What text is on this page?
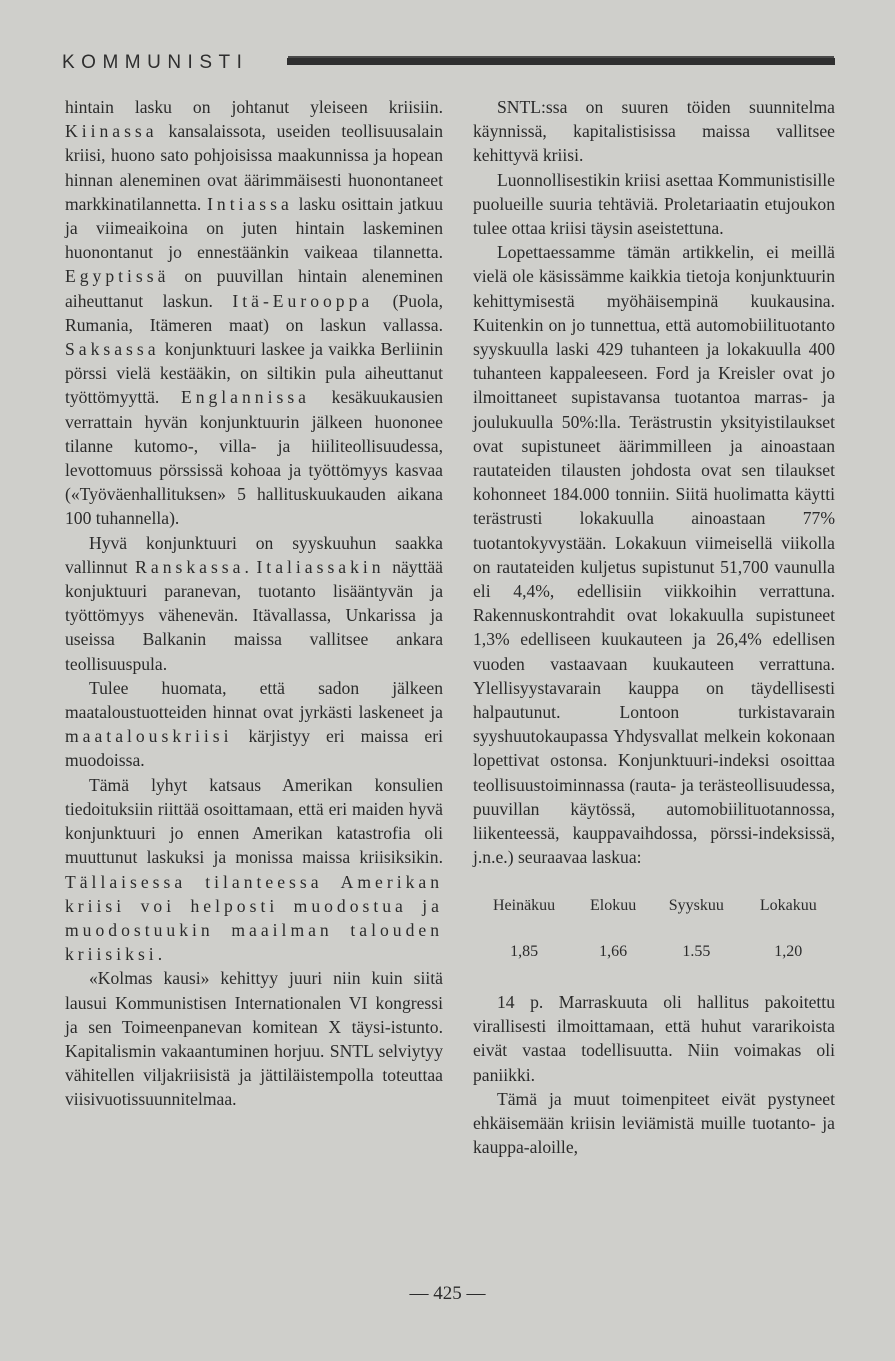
KOMMUNISTI

hintain lasku on johtanut yleiseen kriisiin. Kiinassa kansalaissota, useiden teollisuusalain kriisi, huono sato pohjoisissa maakunnissa ja hopean hinnan aleneminen ovat äärimmäisesti huonontaneet markkinatilannetta. Intiassa lasku osittain jatkuu ja viimeaikoina on juten hintain laskeminen huonontanut jo ennestäänkin vaikeaa tilannetta. Egyptissä on puuvillan hintain aleneminen aiheuttanut laskun. Itä-Eurooppa (Puola, Rumania, Itämeren maat) on laskun vallassa. Saksassa konjunktuuri laskee ja vaikka Berliinin pörssi vielä kestääkin, on siltikin pula aiheuttanut työttömyyttä. Englannissa kesäkuukausien verrattain hyvän konjunktuurin jälkeen huononee tilanne kutomo-, villa- ja hiiliteollisuudessa, levottomuus pörssissä kohoaa ja työttömyys kasvaa («Työväenhallituksen» 5 hallituskuukauden aikana 100 tuhannella).

Hyvä konjunktuuri on syyskuuhun saakka vallinnut Ranskassa. Italiassakin näyttää konjuktuuri paranevan, tuotanto lisääntyvän ja työttömyys vähenevän. Itävallassa, Unkarissa ja useissa Balkanin maissa vallitsee ankara teollisuuspula.

Tulee huomata, että sadon jälkeen maataloustuotteiden hinnat ovat jyrkästi laskeneet ja maatalouskriisi kärjistyy eri maissa eri muodoissa.

Tämä lyhyt katsaus Amerikan konsulien tiedoituksiin riittää osoittamaan, että eri maiden hyvä konjunktuuri jo ennen Amerikan katastrofia oli muuttunut laskuksi ja monissa maissa kriisiksikin. Tällaisessa tilanteessa Amerikan kriisi voi helposti muodostua ja muodostuukin maailman talouden kriisiksi.

«Kolmas kausi» kehittyy juuri niin kuin siitä lausui Kommunistisen Internationalen VI kongressi ja sen Toimeenpanevan komitean X täysi-istunto. Kapitalismin vakaantuminen horjuu. SNTL selviytyy vähitellen viljakriisistä ja jättiläistempolla toteuttaa viisivuotissuunnitelmaa.

SNTL:ssa on suuren töiden suunnitelma käynnissä, kapitalistisissa maissa vallitsee kehittyvä kriisi.

Luonnollisestikin kriisi asettaa Kommunistisille puolueille suuria tehtäviä. Proletariaatin etujoukon tulee ottaa kriisi täysin aseistettuna.

Lopettaessamme tämän artikkelin, ei meillä vielä ole käsissämme kaikkia tietoja konjunktuurin kehittymisestä myöhäisempinä kuukausina. Kuitenkin on jo tunnettua, että automobiilituotanto syyskuulla laski 429 tuhanteen ja lokakuulla 400 tuhanteen kappaleeseen. Ford ja Kreisler ovat jo ilmoittaneet supistavansa tuotantoa marras- ja joulukuulla 50%:lla. Terästrustin yksityistilaukset ovat supistuneet äärimmilleen ja ainoastaan rautateiden tilausten johdosta ovat sen tilaukset kohonneet 184.000 tonniin. Siitä huolimatta käytti terästrusti lokakuulla ainoastaan 77% tuotantokyvystään. Lokakuun viimeisellä viikolla on rautateiden kuljetus supistunut 51,700 vaunulla eli 4,4%, edellisiin viikkoihin verrattuna. Rakennuskontrahdit ovat lokakuulla supistuneet 1,3% edelliseen kuukauteen ja 26,4% edellisen vuoden vastaavaan kuukauteen verrattuna. Ylellisyystavarain kauppa on täydellisesti halpautunut. Lontoon turkistavarain syyshuutokaupassa Yhdysvallat melkein kokonaan lopettivat ostonsa. Konjunktuuri-indeksi osoittaa teollisuustoiminnassa (rauta- ja terästeollisuudessa, puuvillan käytössä, automobiilituotannossa, liikenteessä, kauppavaihdossa, pörssi-indeksissä, j.n.e.) seuraavaa laskua:

Heinäkuu	Elokuu	Syyskuu	Lokakuu
1,85	1,66	1.55	1,20

14 p. Marraskuuta oli hallitus pakoitettu virallisesti ilmoittamaan, että huhut vararikoista eivät vastaa todellisuutta. Niin voimakas oli paniikki.

Tämä ja muut toimenpiteet eivät pystyneet ehkäisemään kriisin leviämistä muille tuotanto- ja kauppa-aloille,

— 425 —
